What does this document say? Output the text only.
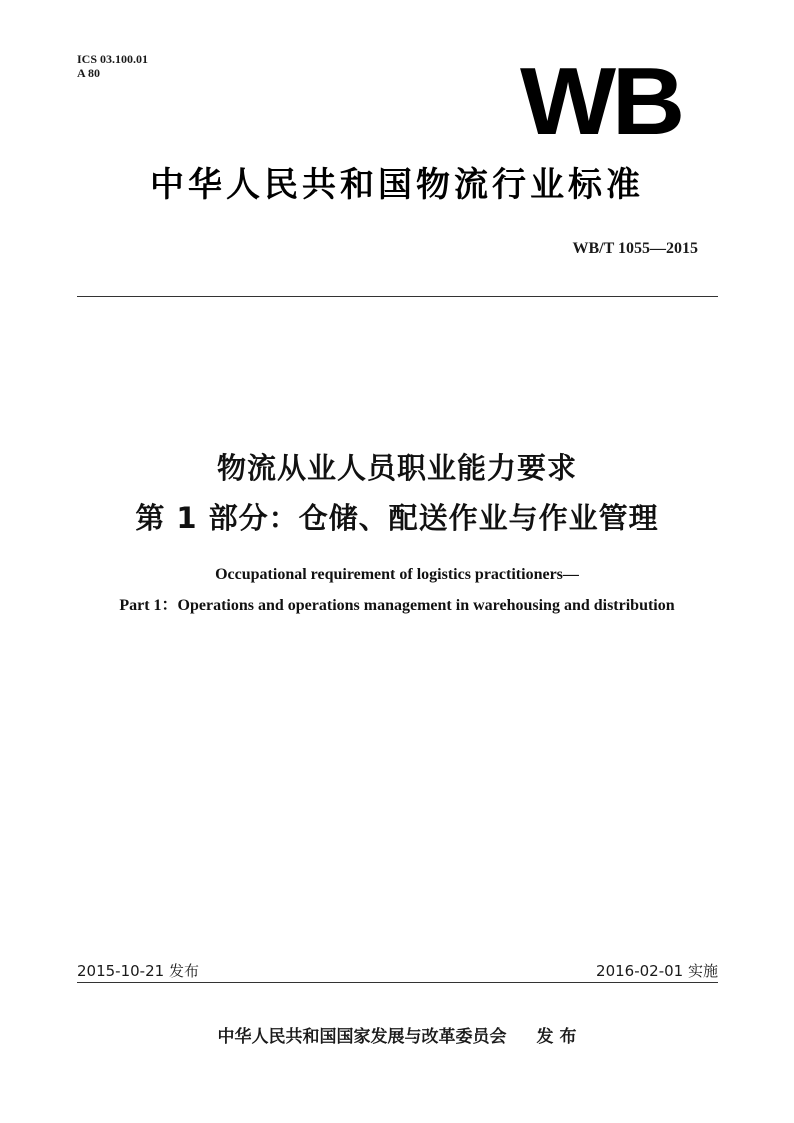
ICS 03.100.01
A 80	WB
中华人民共和国物流行业标准
WB/T 1055—2015
物流从业人员职业能力要求
第 1 部分：仓储、配送作业与作业管理
Occupational requirement of logistics practitioners—
Part 1：Operations and operations management in warehousing and distribution
2015-10-21 发布	2016-02-01 实施
中华人民共和国国家发展与改革委员会 发 布
